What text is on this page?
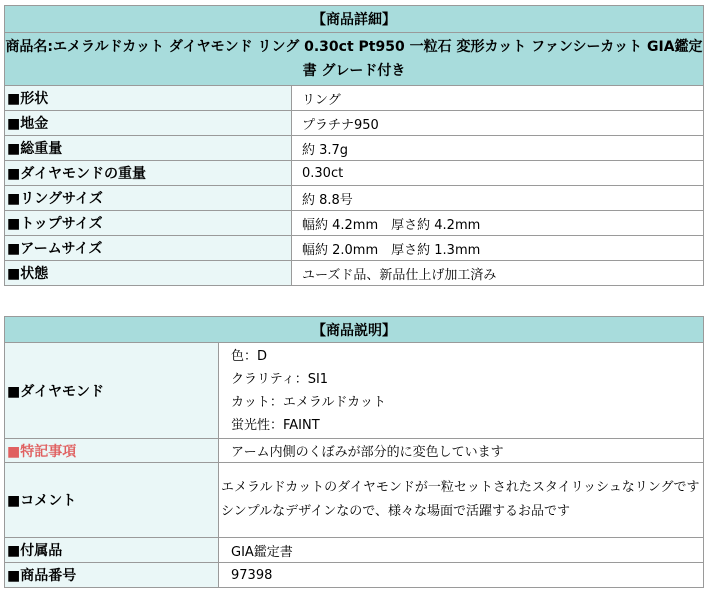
【商品詳細】	
商品名:エメラルドカット ダイヤモンド リング 0.30ct Pt950 一粒石 変形カット ファンシーカット GIA鑑定書 グレード付き	
■形状	リング
■地金	プラチナ950
■総重量	約 3.7g
■ダイヤモンドの重量	0.30ct
■リングサイズ	約 8.8号
■トップサイズ	幅約 4.2mm　厚さ約 4.2mm
■アームサイズ	幅約 2.0mm　厚さ約 1.3mm
■状態	ユーズド品、新品仕上げ加工済み
【商品説明】	
■ダイヤモンド	色：D
クラリティ：SI1
カット：エメラルドカット
蛍光性：FAINT

■特記事項	アーム内側のくぼみが部分的に変色しています
■コメント	エメラルドカットのダイヤモンドが一粒セットされたスタイリッシュなリングです
シンプルなデザインなので、様々な場面で活躍するお品です

■付属品	GIA鑑定書
■商品番号	97398
